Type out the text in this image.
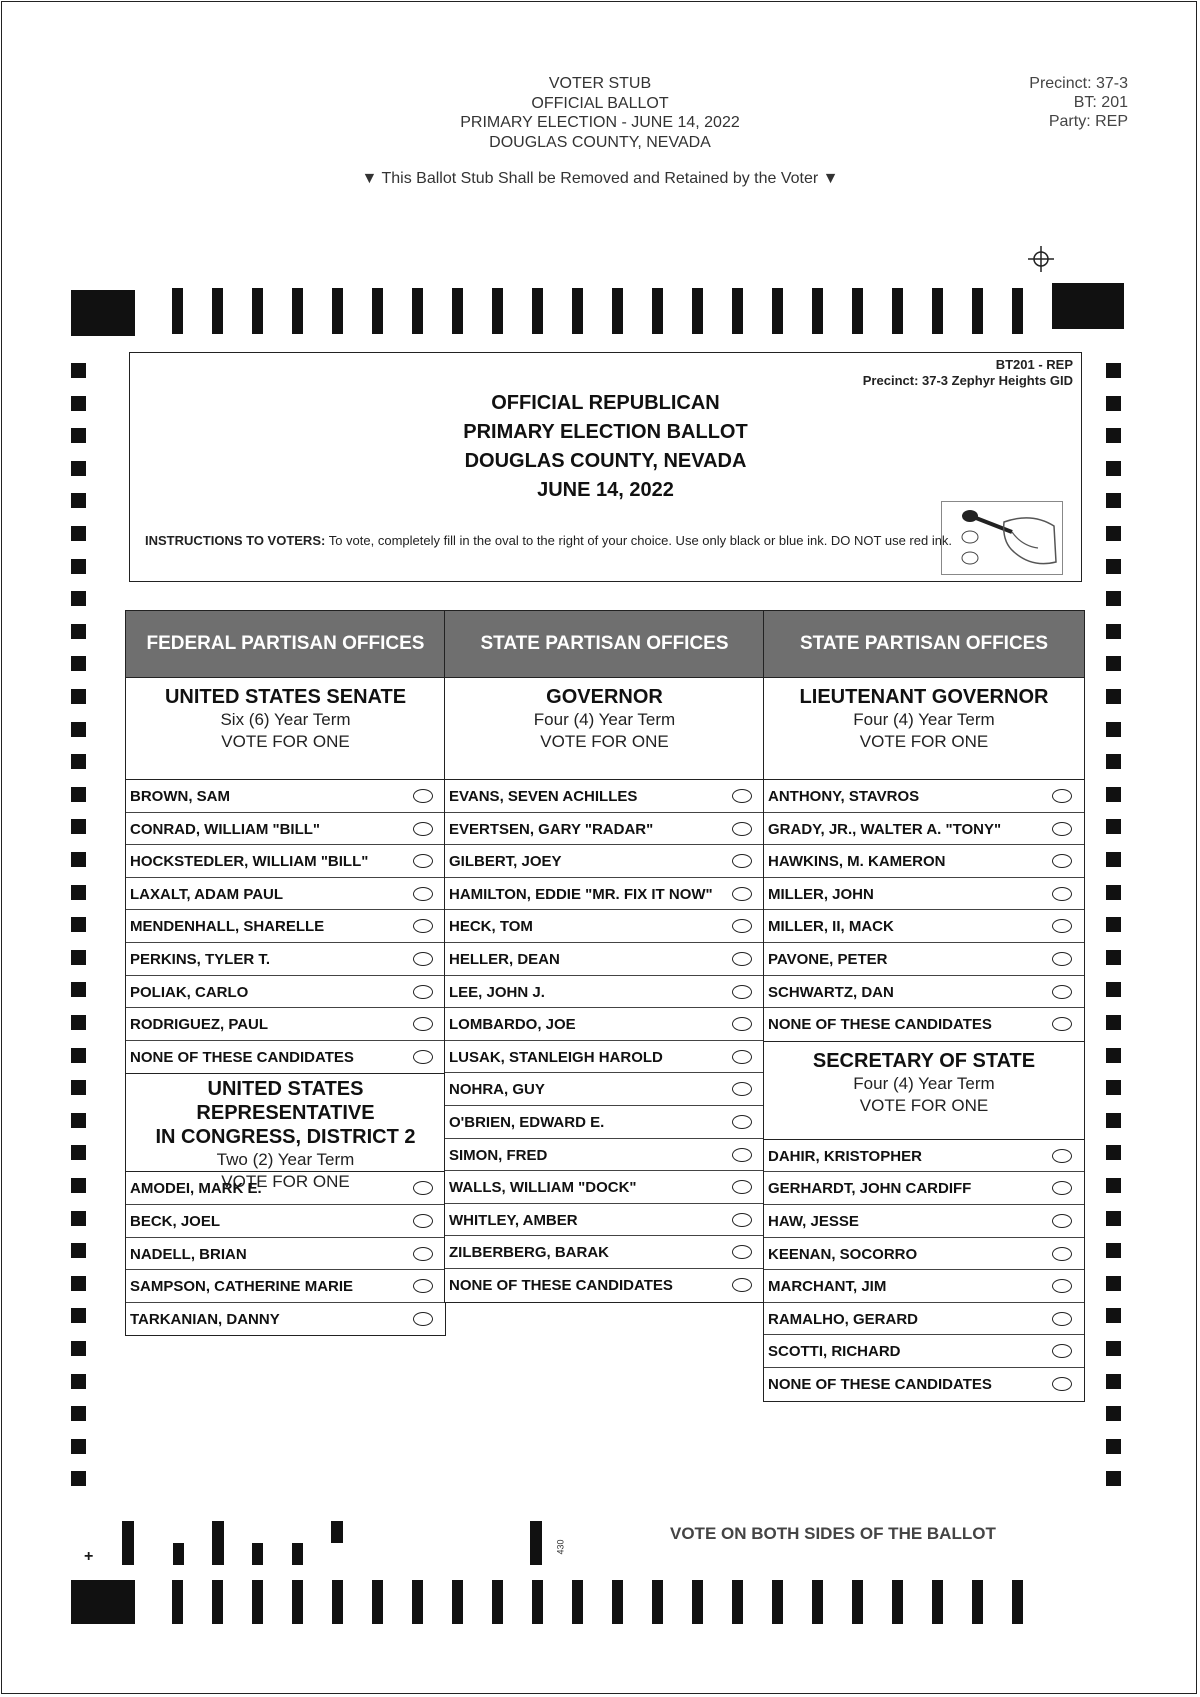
VOTER STUB
OFFICIAL BALLOT
PRIMARY ELECTION - JUNE 14, 2022
DOUGLAS COUNTY, NEVADA
Precinct: 37-3
BT: 201
Party: REP
▼ This Ballot Stub Shall be Removed and Retained by the Voter ▼
BT201 - REP
Precinct: 37-3 Zephyr Heights GID
OFFICIAL REPUBLICAN
PRIMARY ELECTION BALLOT
DOUGLAS COUNTY, NEVADA
JUNE 14, 2022
INSTRUCTIONS TO VOTERS: To vote, completely fill in the oval to the right of your choice. Use only black or blue ink. DO NOT use red ink.
FEDERAL PARTISAN OFFICES
UNITED STATES SENATE
Six (6) Year Term
VOTE FOR ONE
BROWN, SAM
CONRAD, WILLIAM "BILL"
HOCKSTEDLER, WILLIAM "BILL"
LAXALT, ADAM PAUL
MENDENHALL, SHARELLE
PERKINS, TYLER T.
POLIAK, CARLO
RODRIGUEZ, PAUL
NONE OF THESE CANDIDATES
UNITED STATES REPRESENTATIVE
IN CONGRESS, DISTRICT 2
Two (2) Year Term
VOTE FOR ONE
AMODEI, MARK E.
BECK, JOEL
NADELL, BRIAN
SAMPSON, CATHERINE MARIE
TARKANIAN, DANNY
STATE PARTISAN OFFICES
GOVERNOR
Four (4) Year Term
VOTE FOR ONE
EVANS, SEVEN ACHILLES
EVERTSEN, GARY "RADAR"
GILBERT, JOEY
HAMILTON, EDDIE "MR. FIX IT NOW"
HECK, TOM
HELLER, DEAN
LEE, JOHN J.
LOMBARDO, JOE
LUSAK, STANLEIGH HAROLD
NOHRA, GUY
O'BRIEN, EDWARD E.
SIMON, FRED
WALLS, WILLIAM "DOCK"
WHITLEY, AMBER
ZILBERBERG, BARAK
NONE OF THESE CANDIDATES
STATE PARTISAN OFFICES
LIEUTENANT GOVERNOR
Four (4) Year Term
VOTE FOR ONE
ANTHONY, STAVROS
GRADY, JR., WALTER A. "TONY"
HAWKINS, M. KAMERON
MILLER, JOHN
MILLER, II, MACK
PAVONE, PETER
SCHWARTZ, DAN
NONE OF THESE CANDIDATES
SECRETARY OF STATE
Four (4) Year Term
VOTE FOR ONE
DAHIR, KRISTOPHER
GERHARDT, JOHN CARDIFF
HAW, JESSE
KEENAN, SOCORRO
MARCHANT, JIM
RAMALHO, GERARD
SCOTTI, RICHARD
NONE OF THESE CANDIDATES
+
430
VOTE ON BOTH SIDES OF THE BALLOT
